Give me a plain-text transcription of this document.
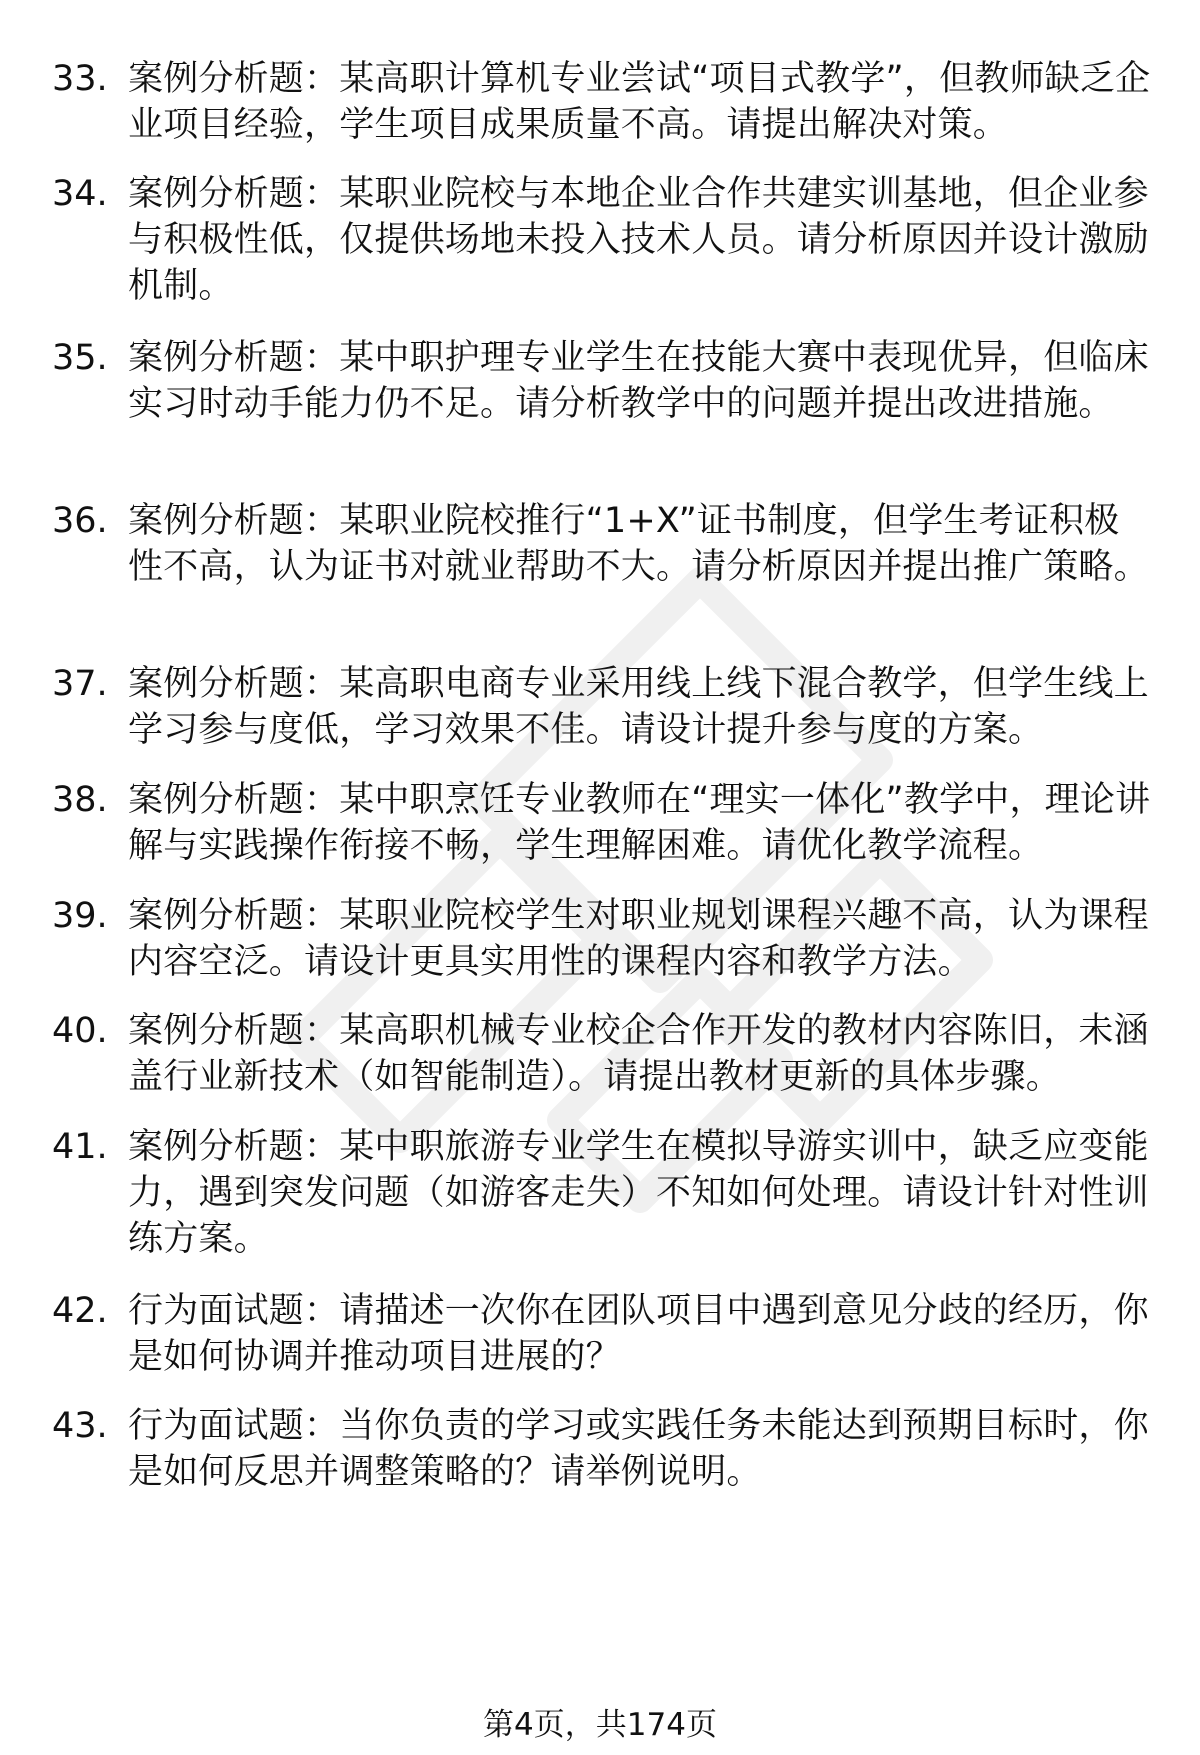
33. 案例分析题：某高职计算机专业尝试“项目式教学”，但教师缺乏企业项目经验，学生项目成果质量不高。请提出解决对策。
34. 案例分析题：某职业院校与本地企业合作共建实训基地，但企业参与积极性低，仅提供场地未投入技术人员。请分析原因并设计激励机制。
35. 案例分析题：某中职护理专业学生在技能大赛中表现优异，但临床实习时动手能力仍不足。请分析教学中的问题并提出改进措施。
36. 案例分析题：某职业院校推行“1+X”证书制度，但学生考证积极性不高，认为证书对就业帮助不大。请分析原因并提出推广策略。
37. 案例分析题：某高职电商专业采用线上线下混合教学，但学生线上学习参与度低，学习效果不佳。请设计提升参与度的方案。
38. 案例分析题：某中职烹饪专业教师在“理实一体化”教学中，理论讲解与实践操作衔接不畅，学生理解困难。请优化教学流程。
39. 案例分析题：某职业院校学生对职业规划课程兴趣不高，认为课程内容空泛。请设计更具实用性的课程内容和教学方法。
40. 案例分析题：某高职机械专业校企合作开发的教材内容陈旧，未涵盖行业新技术（如智能制造）。请提出教材更新的具体步骤。
41. 案例分析题：某中职旅游专业学生在模拟导游实训中，缺乏应变能力，遇到突发问题（如游客走失）不知如何处理。请设计针对性训练方案。
42. 行为面试题：请描述一次你在团队项目中遇到意见分歧的经历，你是如何协调并推动项目进展的？
43. 行为面试题：当你负责的学习或实践任务未能达到预期目标时，你是如何反思并调整策略的？请举例说明。
第4页，共174页
